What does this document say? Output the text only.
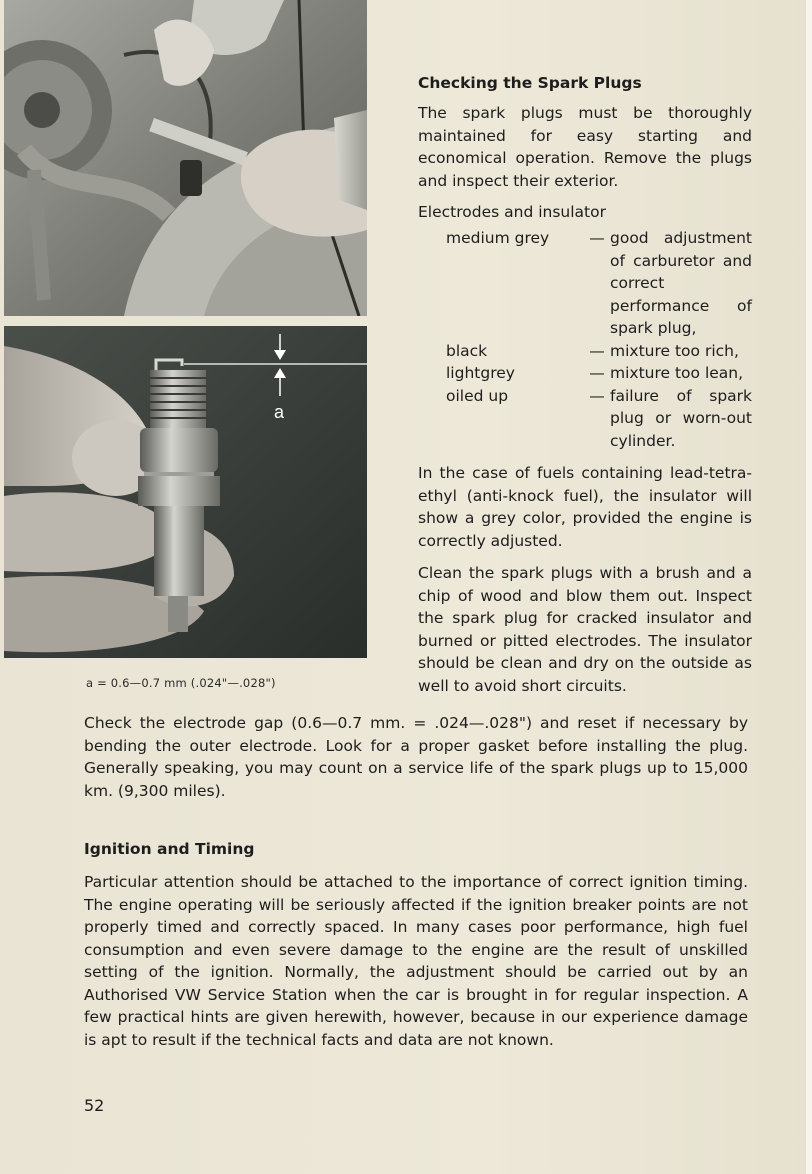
a
a = 0.6—0.7 mm (.024"—.028")

Checking the Spark Plugs

The spark plugs must be thoroughly maintained for easy starting and economical operation. Remove the plugs and inspect their exterior.

Electrodes and insulator

medium grey	— good adjustment of carburetor and correct performance of spark plug,
black	— mixture too rich,
lightgrey	— mixture too lean,
oiled up	— failure of spark plug or worn-out cylinder.

In the case of fuels containing lead-tetra-ethyl (anti-knock fuel), the insulator will show a grey color, provided the engine is correctly adjusted.

Clean the spark plugs with a brush and a chip of wood and blow them out. Inspect the spark plug for cracked insulator and burned or pitted electrodes. The insulator should be clean and dry on the outside as well to avoid short circuits.

Check the electrode gap (0.6—0.7 mm. = .024—.028") and reset if necessary by bending the outer electrode. Look for a proper gasket before installing the plug. Generally speaking, you may count on a service life of the spark plugs up to 15,000 km. (9,300 miles).

Ignition and Timing

Particular attention should be attached to the importance of correct ignition timing. The engine operating will be seriously affected if the ignition breaker points are not properly timed and correctly spaced. In many cases poor performance, high fuel consumption and even severe damage to the engine are the result of unskilled setting of the ignition. Normally, the adjustment should be carried out by an Authorised VW Service Station when the car is brought in for regular inspection. A few practical hints are given herewith, however, because in our experience damage is apt to result if the technical facts and data are not known.

52
